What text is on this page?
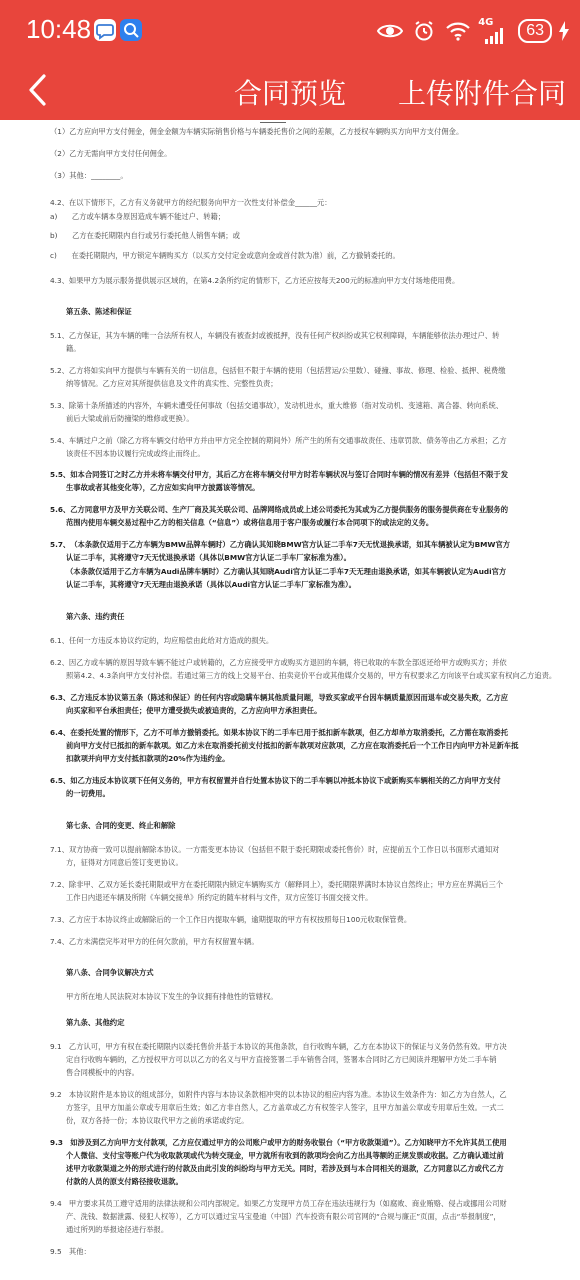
10:48	4G	63
合同预览	上传附件合同
（1）乙方应向甲方支付佣金，佣金金额为车辆实际销售价格与车辆委托售价之间的差额，乙方授权车辆购买方向甲方支付佣金。
（2）乙方无需向甲方支付任何佣金。
（3）其他：________。
4.2、在以下情形下，乙方有义务就甲方的经纪服务向甲方一次性支付补偿金______元：
a)　　乙方或车辆本身原因造成车辆不能过户、转籍；
b)　　乙方在委托期限内自行或另行委托他人销售车辆；或
c)　　在委托期限内，甲方锁定车辆购买方（以买方交付定金或意向金或首付款为准）前，乙方撤销委托的。
4.3、如果甲方为展示服务提供展示区域的，在第4.2条所约定的情形下，乙方还应按每天200元的标准向甲方支付场地使用费。
第五条、陈述和保证
5.1、乙方保证，其为车辆的唯一合法所有权人，车辆没有被查封或被抵押，没有任何产权纠纷或其它权利障碍，车辆能够依法办理过户、转
籍。
5.2、乙方将如实向甲方提供与车辆有关的一切信息，包括但不限于车辆的使用（包括营运/公里数）、碰撞、事故、修理、检验、抵押、税费缴
纳等情况。乙方应对其所提供信息及文件的真实性、完整性负责；
5.3、除第十条所描述的内容外，车辆未遭受任何事故（包括交通事故），发动机进水，重大维修（指对发动机、变速箱、离合器、转向系统、
前后大梁或前后防撞梁的维修或更换）。
5.4、车辆过户之前（除乙方将车辆交付给甲方并由甲方完全控制的期间外）所产生的所有交通事故责任、违章罚款、债务等由乙方承担；乙方
该责任不因本协议履行完成或终止而终止。
5.5、如本合同签订之时乙方并未将车辆交付甲方，其后乙方在将车辆交付甲方时若车辆状况与签订合同时车辆的情况有差异（包括但不限于发
生事故或者其他变化等），乙方应如实向甲方披露该等情况。
5.6、乙方同意甲方及甲方关联公司、生产厂商及其关联公司、品牌网络成员或上述公司委托为其或为乙方提供服务的服务提供商在专业服务的
范围内使用车辆交易过程中乙方的相关信息（“信息”）或将信息用于客户服务或履行本合同项下的或法定的义务。
5.7、　（本条款仅适用于乙方车辆为BMW品牌车辆时）乙方确认其知晓BMW官方认证二手车7天无忧退换承诺，如其车辆被认定为BMW官方
认证二手车，其将遵守7天无忧退换承诺（具体以BMW官方认证二手车厂家标准为准）。
（本条款仅适用于乙方车辆为Audi品牌车辆时）乙方确认其知晓Audi官方认证二手车7天无理由退换承诺，如其车辆被认定为Audi官方
认证二手车，其将遵守7天无理由退换承诺（具体以Audi官方认证二手车厂家标准为准）。
第六条、违约责任
6.1、任何一方违反本协议约定的，均应赔偿由此给对方造成的损失。
6.2、因乙方或车辆的原因导致车辆不能过户或转籍的，乙方应接受甲方或购买方退回的车辆，将已收取的车款全部返还给甲方或购买方；并依
照第4.2、4.3条向甲方支付补偿。若通过第三方的线上交易平台、拍卖竞价平台或其他媒介交易的，甲方有权要求乙方向该平台或买家有权向乙方追责。
6.3、乙方违反本协议第五条（陈述和保证）的任何内容或隐瞒车辆其他质量问题，导致买家或平台因车辆质量原因而退车或交易失败，乙方应
向买家和平台承担责任；使甲方遭受损失或被追责的，乙方应向甲方承担责任。
6.4、在委托处置的情形下，乙方不可单方撤销委托。如果本协议下的二手车已用于抵扣新车款项，但乙方却单方取消委托，乙方需在取消委托
前向甲方支付已抵扣的新车款项。如乙方未在取消委托前支付抵扣的新车款项对应款项，乙方应在取消委托后一个工作日内向甲方补足新车抵
扣款项并向甲方支付抵扣款项的20%作为违约金。
6.5、如乙方违反本协议项下任何义务的，甲方有权留置并自行处置本协议下的二手车辆以冲抵本协议下或新购买车辆相关的乙方向甲方支付
的一切费用。
第七条、合同的变更、终止和解除
7.1、双方协商一致可以提前解除本协议。一方需变更本协议（包括但不限于委托期限或委托售价）时，应提前五个工作日以书面形式通知对
方，征得对方同意后签订变更协议。
7.2、除非甲、乙双方延长委托期限或甲方在委托期限内锁定车辆购买方（解释同上），委托期限界满时本协议自然终止；甲方应在界满后三个
工作日内退还车辆及所附《车辆交接单》所约定的随车材料与文件，双方应签订书面交接文件。
7.3、乙方应于本协议终止或解除后的一个工作日内提取车辆，逾期提取的甲方有权按照每日100元收取保管费。
7.4、乙方未满偿完毕对甲方的任何欠款前，甲方有权留置车辆。
第八条、合同争议解决方式
甲方所在地人民法院对本协议下发生的争议拥有排他性的管辖权。
第九条、其他约定
9.1　乙方认可，甲方有权在委托期限内以委托售价并基于本协议的其他条款，自行收购车辆，乙方在本协议下的保证与义务仍然有效。甲方决
定自行收购车辆的，乙方授权甲方可以以乙方的名义与甲方直接签署二手车销售合同，签署本合同时乙方已阅读并理解甲方处二手车销
售合同模板中的内容。
9.2　本协议附件是本协议的组成部分，如附件内容与本协议条款相冲突的以本协议的相应内容为准。本协议生效条件为：如乙方为自然人，乙
方签字，且甲方加盖公章或专用章后生效；如乙方非自然人，乙方盖章或乙方有权签字人签字，且甲方加盖公章或专用章后生效。一式二
份，双方各持一份；本协议取代甲方之前的承诺或约定。
9.3　如涉及到乙方向甲方支付款项，乙方应仅通过甲方的公司账户或甲方的财务收银台（“甲方收款渠道”）。乙方知晓甲方不允许其员工使用
个人微信、支付宝等账户代为收取款项或代为转交现金，甲方就所有收到的款项均会向乙方出具等额的正规发票或收据。乙方确认通过前
述甲方收款渠道之外的形式进行的付款及由此引发的纠纷均与甲方无关。同时，若涉及到与本合同相关的退款，乙方同意以乙方或代乙方
付款的人员的原支付路径接收退款。
9.4　甲方要求其员工遵守适用的法律法规和公司内部规定。如果乙方发现甲方员工存在违法违规行为（如腐败、商业贿赂、侵占或挪用公司财
产、洗钱、数据泄露、侵犯人权等），乙方可以通过宝马宝曼迪（中国）汽车投资有限公司官网的“合规与廉正”页面，点击“举报制度”，
通过所列的举报途径进行举报。
9.5　其他：
